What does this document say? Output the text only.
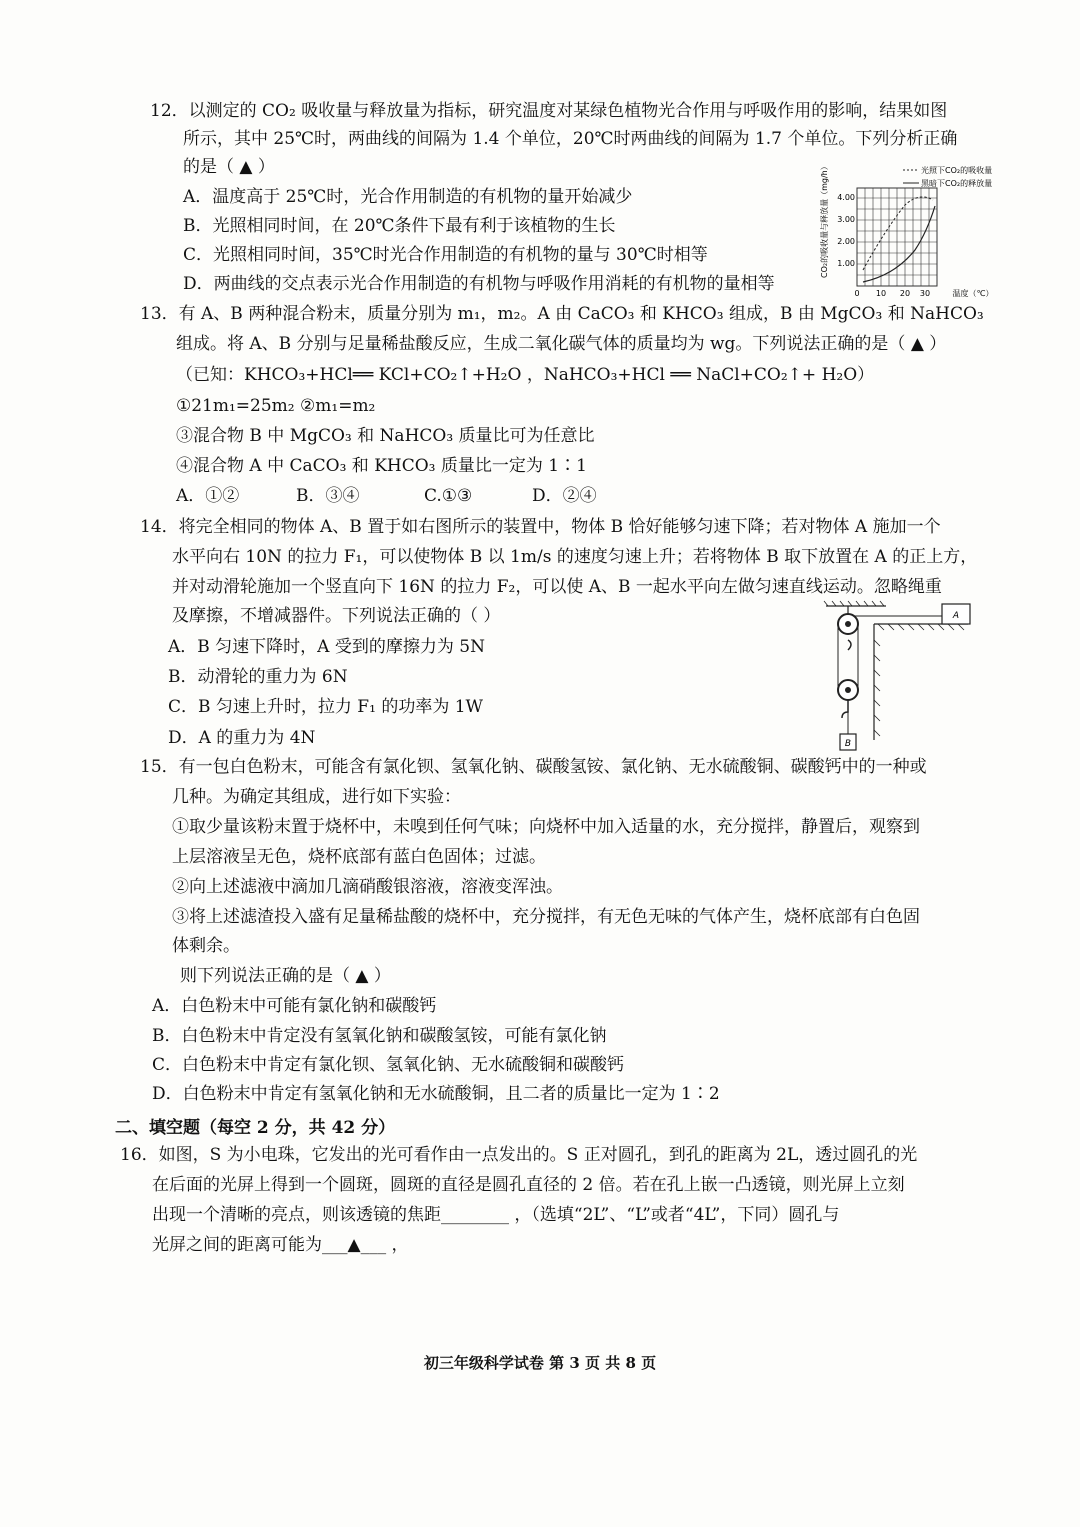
12．以测定的 CO₂ 吸收量与释放量为指标，研究温度对某绿色植物光合作用与呼吸作用的影响，结果如图
所示，其中 25℃时，两曲线的间隔为 1.4 个单位，20℃时两曲线的间隔为 1.7 个单位。下列分析正确
的是（ ▲ ）
A．温度高于 25℃时，光合作用制造的有机物的量开始减少
B．光照相同时间，在 20℃条件下最有利于该植物的生长
C．光照相同时间，35℃时光合作用制造的有机物的量与 30℃时相等
D．两曲线的交点表示光合作用制造的有机物与呼吸作用消耗的有机物的量相等
光照下CO₂的吸收量
黑暗下CO₂的释放量
CO₂的吸收量与释放量（mg/h） 4.00
3.00
2.00
1.00
0 10 20 30	温度（℃）
13．有 A、B 两种混合粉末，质量分别为 m₁，m₂。A 由 CaCO₃ 和 KHCO₃ 组成，B 由 MgCO₃ 和 NaHCO₃
组成。将 A、B 分别与足量稀盐酸反应，生成二氧化碳气体的质量均为 wg。下列说法正确的是（ ▲ ）
（已知：KHCO₃+HCl══ KCl+CO₂↑+H₂O ，NaHCO₃+HCl ══ NaCl+CO₂↑+ H₂O）
①21m₁=25m₂ ②m₁=m₂
③混合物 B 中 MgCO₃ 和 NaHCO₃ 质量比可为任意比
④混合物 A 中 CaCO₃ 和 KHCO₃ 质量比一定为 1∶1
A．①②	B．③④	C.①③	D．②④
14．将完全相同的物体 A、B 置于如右图所示的装置中，物体 B 恰好能够匀速下降；若对物体 A 施加一个
水平向右 10N 的拉力 F₁，可以使物体 B 以 1m/s 的速度匀速上升；若将物体 B 取下放置在 A 的正上方，
并对动滑轮施加一个竖直向下 16N 的拉力 F₂，可以使 A、B 一起水平向左做匀速直线运动。忽略绳重
及摩擦，不增减器件。下列说法正确的（ ）
A．B 匀速下降时，A 受到的摩擦力为 5N
B．动滑轮的重力为 6N
C．B 匀速上升时，拉力 F₁ 的功率为 1W
D．A 的重力为 4N
A
B
15．有一包白色粉末，可能含有氯化钡、氢氧化钠、碳酸氢铵、氯化钠、无水硫酸铜、碳酸钙中的一种或
几种。为确定其组成，进行如下实验：
①取少量该粉末置于烧杯中，未嗅到任何气味；向烧杯中加入适量的水，充分搅拌，静置后，观察到
上层溶液呈无色，烧杯底部有蓝白色固体；过滤。
②向上述滤液中滴加几滴硝酸银溶液，溶液变浑浊。
③将上述滤渣投入盛有足量稀盐酸的烧杯中，充分搅拌，有无色无味的气体产生，烧杯底部有白色固
体剩余。
则下列说法正确的是（ ▲ ）
A．白色粉末中可能有氯化钠和碳酸钙
B．白色粉末中肯定没有氢氧化钠和碳酸氢铵，可能有氯化钠
C．白色粉末中肯定有氯化钡、氢氧化钠、无水硫酸铜和碳酸钙
D．白色粉末中肯定有氢氧化钠和无水硫酸铜，且二者的质量比一定为 1∶2
二、填空题（每空 2 分，共 42 分）
16．如图，S 为小电珠，它发出的光可看作由一点发出的。S 正对圆孔，到孔的距离为 2L，透过圆孔的光
在后面的光屏上得到一个圆斑，圆斑的直径是圆孔直径的 2 倍。若在孔上嵌一凸透镜，则光屏上立刻
出现一个清晰的亮点，则该透镜的焦距________ ，（选填“2L”、“L”或者“4L”，下同）圆孔与
光屏之间的距离可能为___▲___ ，
初三年级科学试卷 第 3 页 共 8 页
